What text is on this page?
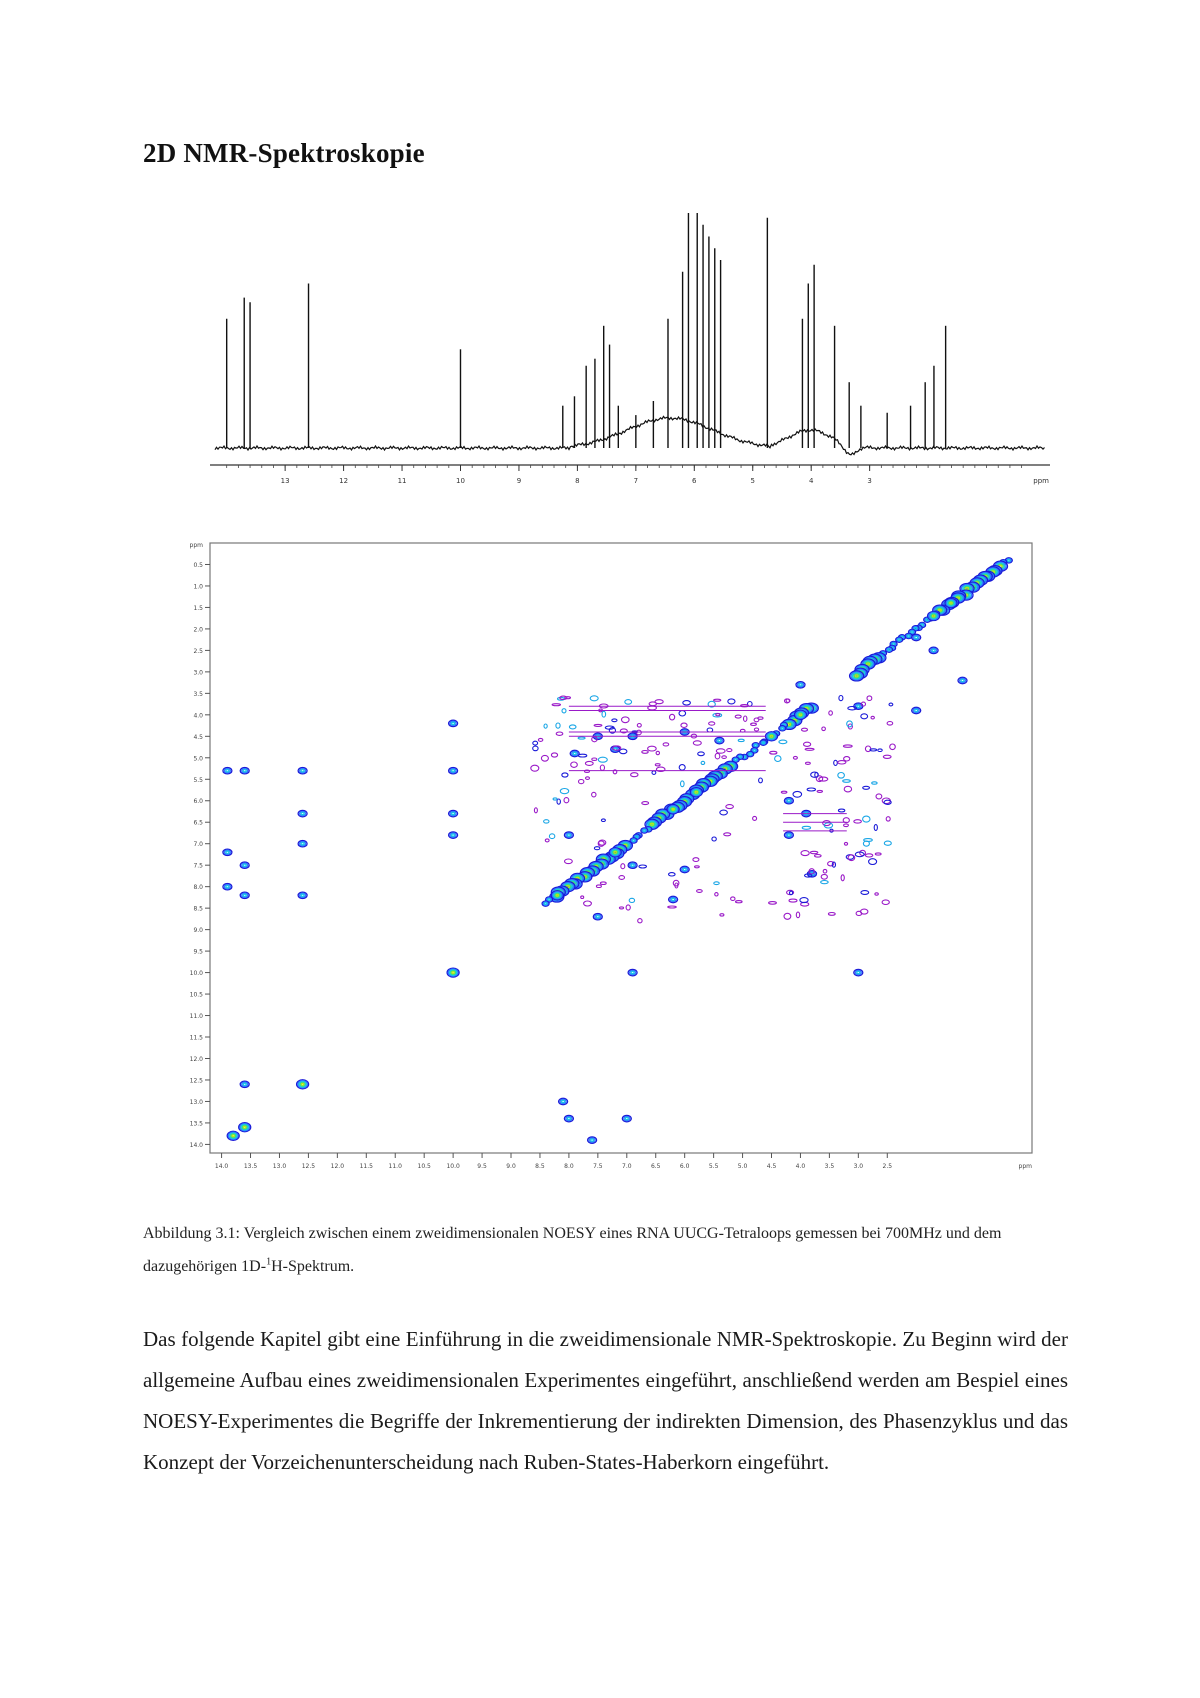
2D NMR-Spektroskopie
13	12	11	10	9	8	7	6	5	4	3	ppm
0.5
1.0
1.5
2.0
2.5
3.0
3.5
4.0
4.5
5.0
5.5
6.0
6.5
7.0
7.5
8.0
8.5
9.0
9.5
10.0
10.5
11.0
11.5
12.0
12.5
13.0
13.5
14.0
ppm
14.0	13.5	13.0	12.5	12.0	11.5	11.0	10.5	10.0	9.5	9.0	8.5	8.0	7.5	7.0	6.5	6.0	5.5	5.0	4.5	4.0	3.5	3.0	2.5	ppm

Abbildung 3.1: Vergleich zwischen einem zweidimensionalen NOESY eines RNA UUCG-Tetraloops gemessen bei 700MHz und dem dazugehörigen 1D-$^1$H-Spektrum.

Das folgende Kapitel gibt eine Einführung in die zweidimensionale NMR-Spektroskopie. Zu Beginn wird der allgemeine Aufbau eines zweidimensionalen Experimentes eingeführt, anschließend werden am Bespiel eines NOESY-Experimentes die Begriffe der Inkrementierung der indirekten Dimension, des Phasenzyklus und das Konzept der Vorzeichenunterscheidung nach Ruben-States-Haberkorn eingeführt.
